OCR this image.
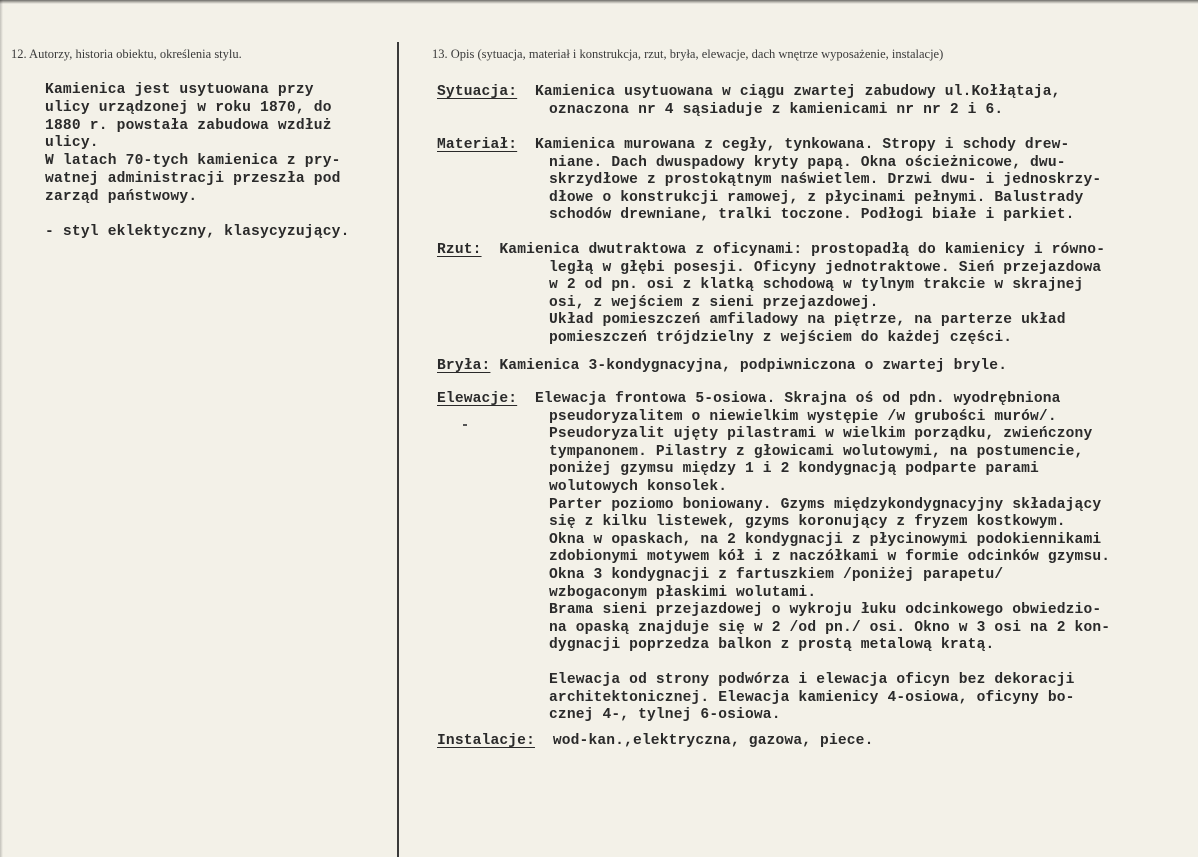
12. Autorzy, historia obiektu, określenia stylu.	13. Opis (sytuacja, materiał i konstrukcja, rzut, bryła, elewacje, dach wnętrze wyposażenie, instalacje)
Kamienica jest usytuowana przy
ulicy urządzonej w roku 1870, do
1880 r. powstała zabudowa wzdłuż
ulicy.
W latach 70-tych kamienica z pry-
watnej administracji przeszła pod
zarząd państwowy.
- styl eklektyczny, klasycyzujący.
Sytuacja: Kamienica usytuowana w ciągu zwartej zabudowy ul.Kołłątaja,
oznaczona nr 4 sąsiaduje z kamienicami nr nr 2 i 6.
Materiał: Kamienica murowana z cegły, tynkowana. Stropy i schody drew-
niane. Dach dwuspadowy kryty papą. Okna ościeżnicowe, dwu-
skrzydłowe z prostokątnym naświetlem. Drzwi dwu- i jednoskrzy-
dłowe o konstrukcji ramowej, z płycinami pełnymi. Balustrady
schodów drewniane, tralki toczone. Podłogi białe i parkiet.
Rzut: Kamienica dwutraktowa z oficynami: prostopadłą do kamienicy i równo-
ległą w głębi posesji. Oficyny jednotraktowe. Sień przejazdowa
w 2 od pn. osi z klatką schodową w tylnym trakcie w skrajnej
osi, z wejściem z sieni przejazdowej.
Układ pomieszczeń amfiladowy na piętrze, na parterze układ
pomieszczeń trójdzielny z wejściem do każdej części.
Bryła: Kamienica 3-kondygnacyjna, podpiwniczona o zwartej bryle.
Elewacje: Elewacja frontowa 5-osiowa. Skrajna oś od pdn. wyodrębniona
pseudoryzalitem o niewielkim występie /w grubości murów/.
Pseudoryzalit ujęty pilastrami w wielkim porządku, zwieńczony
tympanonem. Pilastry z głowicami wolutowymi, na postumencie,
poniżej gzymsu między 1 i 2 kondygnacją podparte parami
wolutowych konsolek.
Parter poziomo boniowany. Gzyms międzykondygnacyjny składający
się z kilku listewek, gzyms koronujący z fryzem kostkowym.
Okna w opaskach, na 2 kondygnacji z płycinowymi podokiennikami
zdobionymi motywem kół i z naczółkami w formie odcinków gzymsu.
Okna 3 kondygnacji z fartuszkiem /poniżej parapetu/
wzbogaconym płaskimi wolutami.
Brama sieni przejazdowej o wykroju łuku odcinkowego obwiedzio-
na opaską znajduje się w 2 /od pn./ osi. Okno w 3 osi na 2 kon-
dygnacji poprzedza balkon z prostą metalową kratą.
Elewacja od strony podwórza i elewacja oficyn bez dekoracji
architektonicznej. Elewacja kamienicy 4-osiowa, oficyny bo-
cznej 4-, tylnej 6-osiowa.
Instalacje: wod-kan.,elektryczna, gazowa, piece.
